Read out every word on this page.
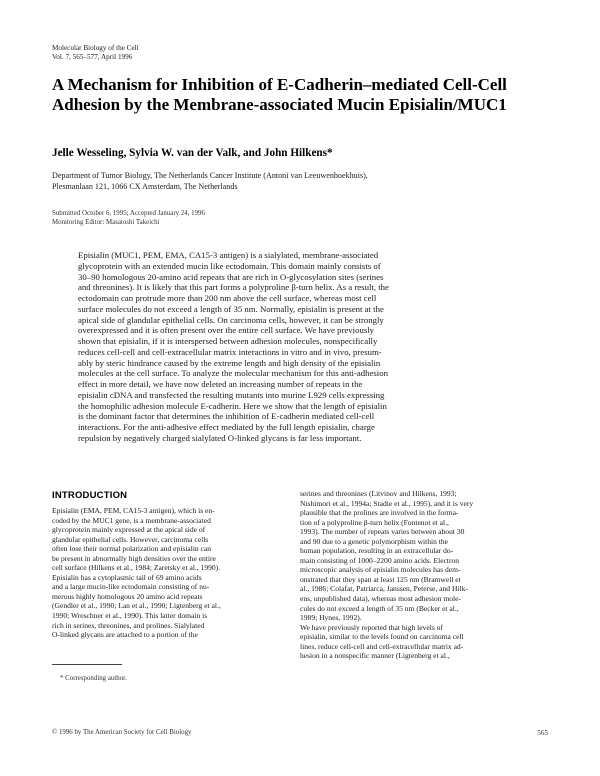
Molecular Biology of the Cell
Vol. 7, 565–577, April 1996
A Mechanism for Inhibition of E-Cadherin–mediated Cell-Cell Adhesion by the Membrane-associated Mucin Episialin/MUC1
Jelle Wesseling, Sylvia W. van der Valk, and John Hilkens*
Department of Tumor Biology, The Netherlands Cancer Institute (Antoni van Leeuwenhoekhuis),
Plesmanlaan 121, 1066 CX Amsterdam, The Netherlands
Submitted October 6, 1995; Accepted January 24, 1996
Monitoring Editor: Masatoshi Takeichi
Episialin (MUC1, PEM, EMA, CA15-3 antigen) is a sialylated, membrane-associated
glycoprotein with an extended mucin like ectodomain. This domain mainly consists of
30–90 homologous 20-amino acid repeats that are rich in O-glycosylation sites (serines
and threonines). It is likely that this part forms a polyproline β-turn helix. As a result, the
ectodomain can protrude more than 200 nm above the cell surface, whereas most cell
surface molecules do not exceed a length of 35 nm. Normally, episialin is present at the
apical side of glandular epithelial cells. On carcinoma cells, however, it can be strongly
overexpressed and it is often present over the entire cell surface. We have previously
shown that episialin, if it is interspersed between adhesion molecules, nonspecifically
reduces cell-cell and cell-extracellular matrix interactions in vitro and in vivo, presum-
ably by steric hindrance caused by the extreme length and high density of the episialin
molecules at the cell surface. To analyze the molecular mechanism for this anti-adhesion
effect in more detail, we have now deleted an increasing number of repeats in the
episialin cDNA and transfected the resulting mutants into murine L929 cells expressing
the homophilic adhesion molecule E-cadherin. Here we show that the length of episialin
is the dominant factor that determines the inhibition of E-cadherin mediated cell-cell
interactions. For the anti-adhesive effect mediated by the full length episialin, charge
repulsion by negatively charged sialylated O-linked glycans is far less important.
INTRODUCTION
Episialin (EMA, PEM, CA15-3 antigen), which is en-
coded by the MUC1 gene, is a membrane-associated
glycoprotein mainly expressed at the apical side of
glandular epithelial cells. However, carcinoma cells
often lose their normal polarization and episialin can
be present in abnormally high densities over the entire
cell surface (Hilkens et al., 1984; Zaretsky et al., 1990).
Episialin has a cytoplasmic tail of 69 amino acids
and a large mucin-like ectodomain consisting of nu-
merous highly homologous 20 amino acid repeats
(Gendler et al., 1990; Lan et al., 1990; Ligtenberg et al.,
1990; Wreschner et al., 1990). This latter domain is
rich in serines, threonines, and prolines. Sialylated
O-linked glycans are attached to a portion of the
serines and threonines (Litvinov and Hilkens, 1993;
Nishimori et al., 1994a; Stadie et al., 1995), and it is very
plausible that the prolines are involved in the forma-
tion of a polyproline β-turn helix (Fontenot et al.,
1993). The number of repeats varies between about 30
and 90 due to a genetic polymorphism within the
human population, resulting in an extracellular do-
main consisting of 1000–2200 amino acids. Electron
microscopic analysis of episialin molecules has dem-
onstrated that they span at least 125 nm (Bramwell et
al., 1986; Colafat, Patriarca, Janssen, Peterse, and Hilk-
ens, unpublished data), whereas most adhesion mole-
cules do not exceed a length of 35 nm (Becker et al.,
1989; Hynes, 1992).
We have previously reported that high levels of
episialin, similar to the levels found on carcinoma cell
lines, reduce cell-cell and cell-extracellular matrix ad-
hesion in a nonspecific manner (Ligtenberg et al.,
* Corresponding author.
© 1996 by The American Society for Cell Biology	565
